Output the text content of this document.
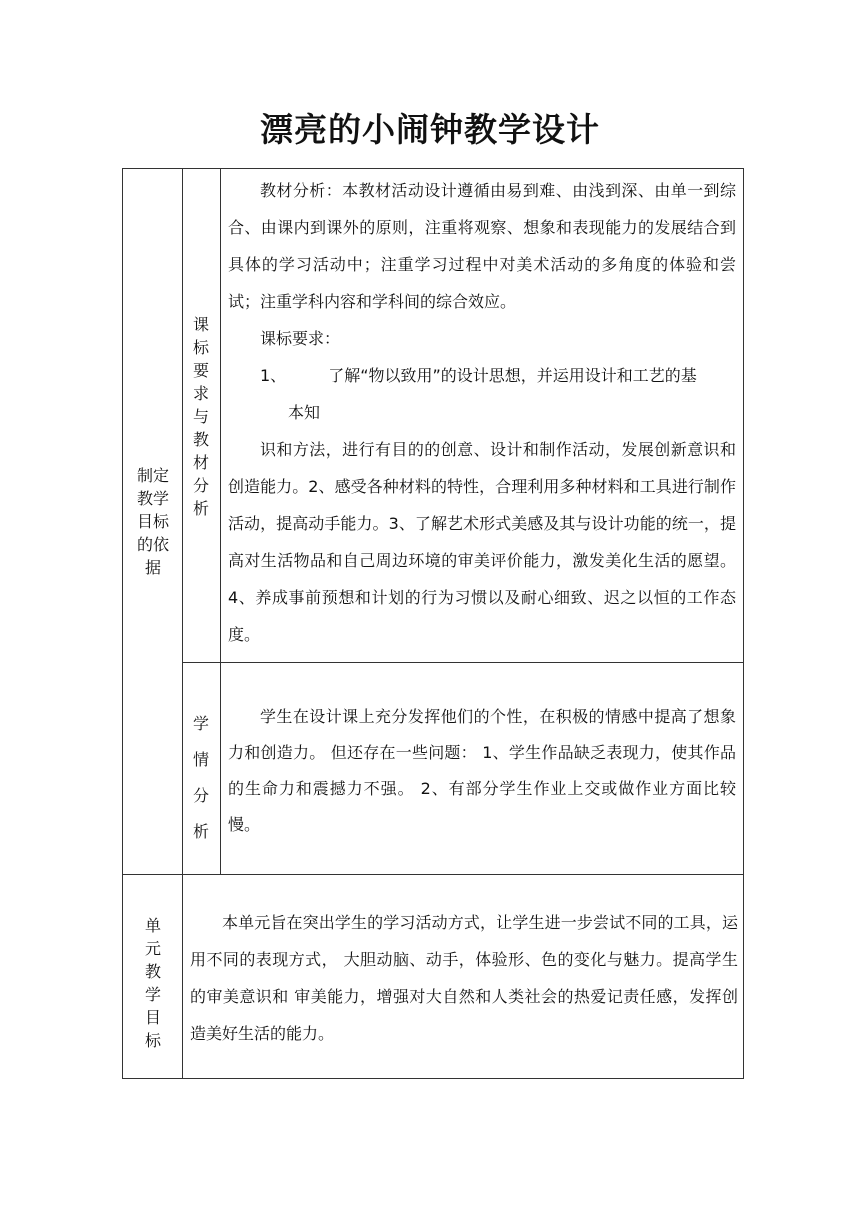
漂亮的小闹钟教学设计
制定
教学
目标
的依
据
课
标
要
求
与
教
材
分
析

教材分析：本教材活动设计遵循由易到难、由浅到深、由单一到综合、由课内到课外的原则，注重将观察、想象和表现能力的发展结合到具体的学习活动中；注重学习过程中对美术活动的多角度的体验和尝试；注重学科内容和学科间的综合效应。

课标要求：

1、	了解“物以致用”的设计思想，并运用设计和工艺的基

本知

识和方法，进行有目的的创意、设计和制作活动，发展创新意识和创造能力。2、感受各种材料的特性，合理利用多种材料和工具进行制作活动，提高动手能力。3、了解艺术形式美感及其与设计功能的统一，提高对生活物品和自己周边环境的审美评价能力，激发美化生活的愿望。4、养成事前预想和计划的行为习惯以及耐心细致、迟之以恒的工作态度。

学
情
分
析

学生在设计课上充分发挥他们的个性，在积极的情感中提高了想象力和创造力。 但还存在一些问题： 1、学生作品缺乏表现力，使其作品的生命力和震撼力不强。 2、有部分学生作业上交或做作业方面比较慢。

单
元
教
学
目
标

本单元旨在突出学生的学习活动方式，让学生进一步尝试不同的工具，运用不同的表现方式， 大胆动脑、动手，体验形、色的变化与魅力。提高学生的审美意识和 审美能力，增强对大自然和人类社会的热爱记责任感，发挥创造美好生活的能力。
